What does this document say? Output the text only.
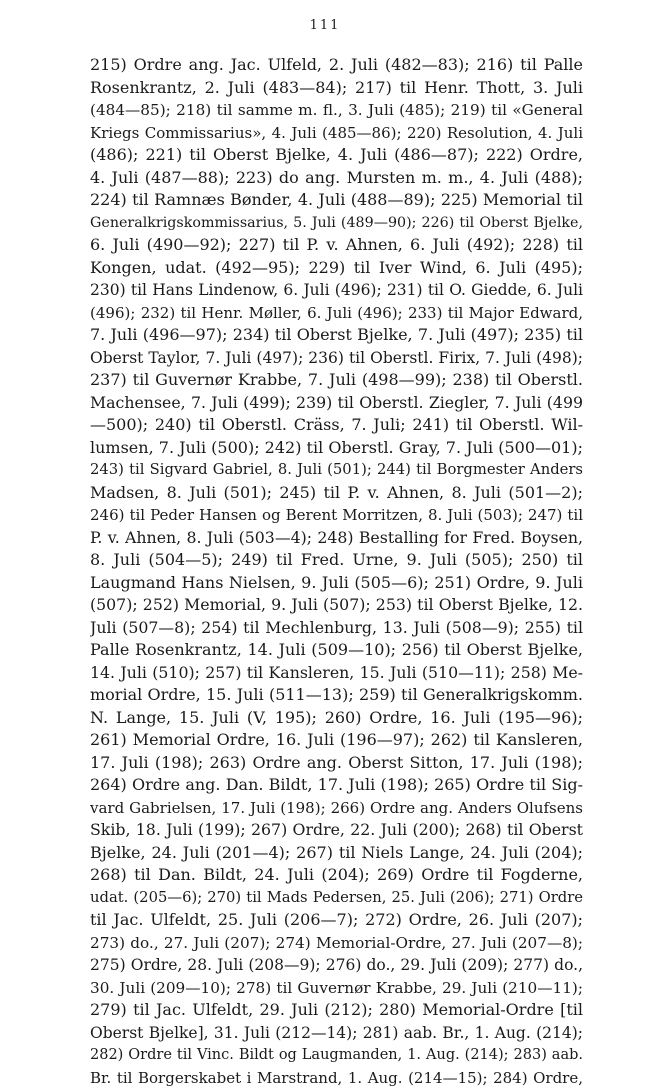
111
215) Ordre ang. Jac. Ulfeld, 2. Juli (482—83); 216) til Palle
Rosenkrantz, 2. Juli (483—84); 217) til Henr. Thott, 3. Juli
(484—85); 218) til samme m. fl., 3. Juli (485); 219) til «General
Kriegs Commissarius», 4. Juli (485—86); 220) Resolution, 4. Juli
(486); 221) til Oberst Bjelke, 4. Juli (486—87); 222) Ordre,
4. Juli (487—88); 223) do ang. Mursten m. m., 4. Juli (488);
224) til Ramnæs Bønder, 4. Juli (488—89); 225) Memorial til
Generalkrigskommissarius, 5. Juli (489—90); 226) til Oberst Bjelke,
6. Juli (490—92); 227) til P. v. Ahnen, 6. Juli (492); 228) til
Kongen, udat. (492—95); 229) til Iver Wind, 6. Juli (495);
230) til Hans Lindenow, 6. Juli (496); 231) til O. Giedde, 6. Juli
(496); 232) til Henr. Møller, 6. Juli (496); 233) til Major Edward,
7. Juli (496—97); 234) til Oberst Bjelke, 7. Juli (497); 235) til
Oberst Taylor, 7. Juli (497); 236) til Oberstl. Firix, 7. Juli (498);
237) til Guvernør Krabbe, 7. Juli (498—99); 238) til Oberstl.
Machensee, 7. Juli (499); 239) til Oberstl. Ziegler, 7. Juli (499
—500); 240) til Oberstl. Cräss, 7. Juli; 241) til Oberstl. Wil-
lumsen, 7. Juli (500); 242) til Oberstl. Gray, 7. Juli (500—01);
243) til Sigvard Gabriel, 8. Juli (501); 244) til Borgmester Anders
Madsen, 8. Juli (501); 245) til P. v. Ahnen, 8. Juli (501—2);
246) til Peder Hansen og Berent Morritzen, 8. Juli (503); 247) til
P. v. Ahnen, 8. Juli (503—4); 248) Bestalling for Fred. Boysen,
8. Juli (504—5); 249) til Fred. Urne, 9. Juli (505); 250) til
Laugmand Hans Nielsen, 9. Juli (505—6); 251) Ordre, 9. Juli
(507); 252) Memorial, 9. Juli (507); 253) til Oberst Bjelke, 12.
Juli (507—8); 254) til Mechlenburg, 13. Juli (508—9); 255) til
Palle Rosenkrantz, 14. Juli (509—10); 256) til Oberst Bjelke,
14. Juli (510); 257) til Kansleren, 15. Juli (510—11); 258) Me-
morial Ordre, 15. Juli (511—13); 259) til Generalkrigskomm.
N. Lange, 15. Juli (V, 195); 260) Ordre, 16. Juli (195—96);
261) Memorial Ordre, 16. Juli (196—97); 262) til Kansleren,
17. Juli (198); 263) Ordre ang. Oberst Sitton, 17. Juli (198);
264) Ordre ang. Dan. Bildt, 17. Juli (198); 265) Ordre til Sig-
vard Gabrielsen, 17. Juli (198); 266) Ordre ang. Anders Olufsens
Skib, 18. Juli (199); 267) Ordre, 22. Juli (200); 268) til Oberst
Bjelke, 24. Juli (201—4); 267) til Niels Lange, 24. Juli (204);
268) til Dan. Bildt, 24. Juli (204); 269) Ordre til Fogderne,
udat. (205—6); 270) til Mads Pedersen, 25. Juli (206); 271) Ordre
til Jac. Ulfeldt, 25. Juli (206—7); 272) Ordre, 26. Juli (207);
273) do., 27. Juli (207); 274) Memorial-Ordre, 27. Juli (207—8);
275) Ordre, 28. Juli (208—9); 276) do., 29. Juli (209); 277) do.,
30. Juli (209—10); 278) til Guvernør Krabbe, 29. Juli (210—11);
279) til Jac. Ulfeldt, 29. Juli (212); 280) Memorial-Ordre [til
Oberst Bjelke], 31. Juli (212—14); 281) aab. Br., 1. Aug. (214);
282) Ordre til Vinc. Bildt og Laugmanden, 1. Aug. (214); 283) aab.
Br. til Borgerskabet i Marstrand, 1. Aug. (214—15); 284) Ordre,
